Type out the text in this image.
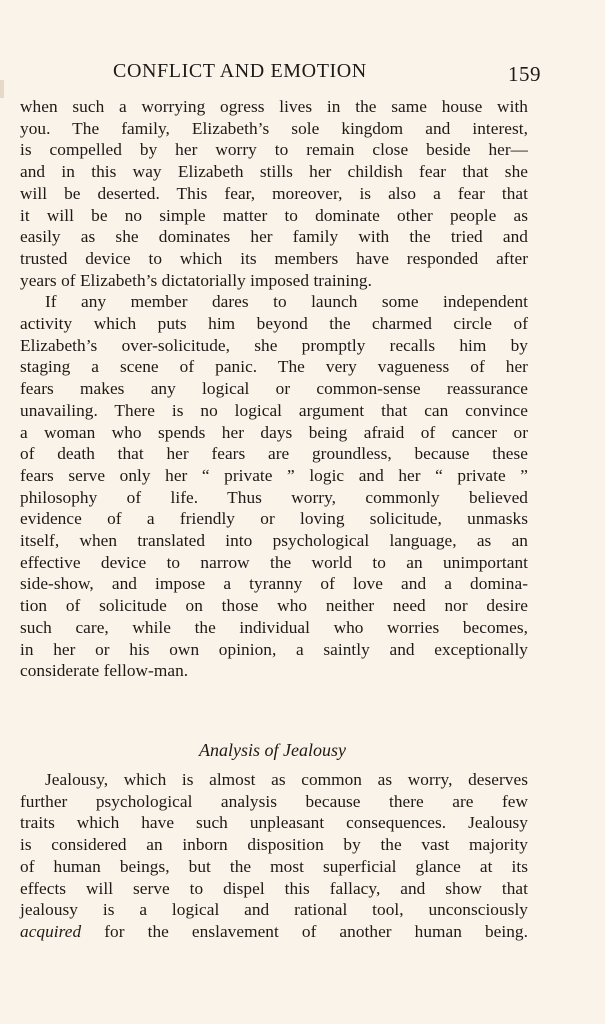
CONFLICT AND EMOTION	159
when such a worrying ogress lives in the same house with
you. The family, Elizabeth’s sole kingdom and interest,
is compelled by her worry to remain close beside her—
and in this way Elizabeth stills her childish fear that she
will be deserted. This fear, moreover, is also a fear that
it will be no simple matter to dominate other people as
easily as she dominates her family with the tried and
trusted device to which its members have responded after
years of Elizabeth’s dictatorially imposed training.
If any member dares to launch some independent
activity which puts him beyond the charmed circle of
Elizabeth’s over-solicitude, she promptly recalls him by
staging a scene of panic. The very vagueness of her
fears makes any logical or common-sense reassurance
unavailing. There is no logical argument that can convince
a woman who spends her days being afraid of cancer or
of death that her fears are groundless, because these
fears serve only her “ private ” logic and her “ private ”
philosophy of life. Thus worry, commonly believed
evidence of a friendly or loving solicitude, unmasks
itself, when translated into psychological language, as an
effective device to narrow the world to an unimportant
side-show, and impose a tyranny of love and a domina-
tion of solicitude on those who neither need nor desire
such care, while the individual who worries becomes,
in her or his own opinion, a saintly and exceptionally
considerate fellow-man.
Analysis of Jealousy
Jealousy, which is almost as common as worry, deserves
further psychological analysis because there are few
traits which have such unpleasant consequences. Jealousy
is considered an inborn disposition by the vast majority
of human beings, but the most superficial glance at its
effects will serve to dispel this fallacy, and show that
jealousy is a logical and rational tool, unconsciously
acquired for the enslavement of another human being.
